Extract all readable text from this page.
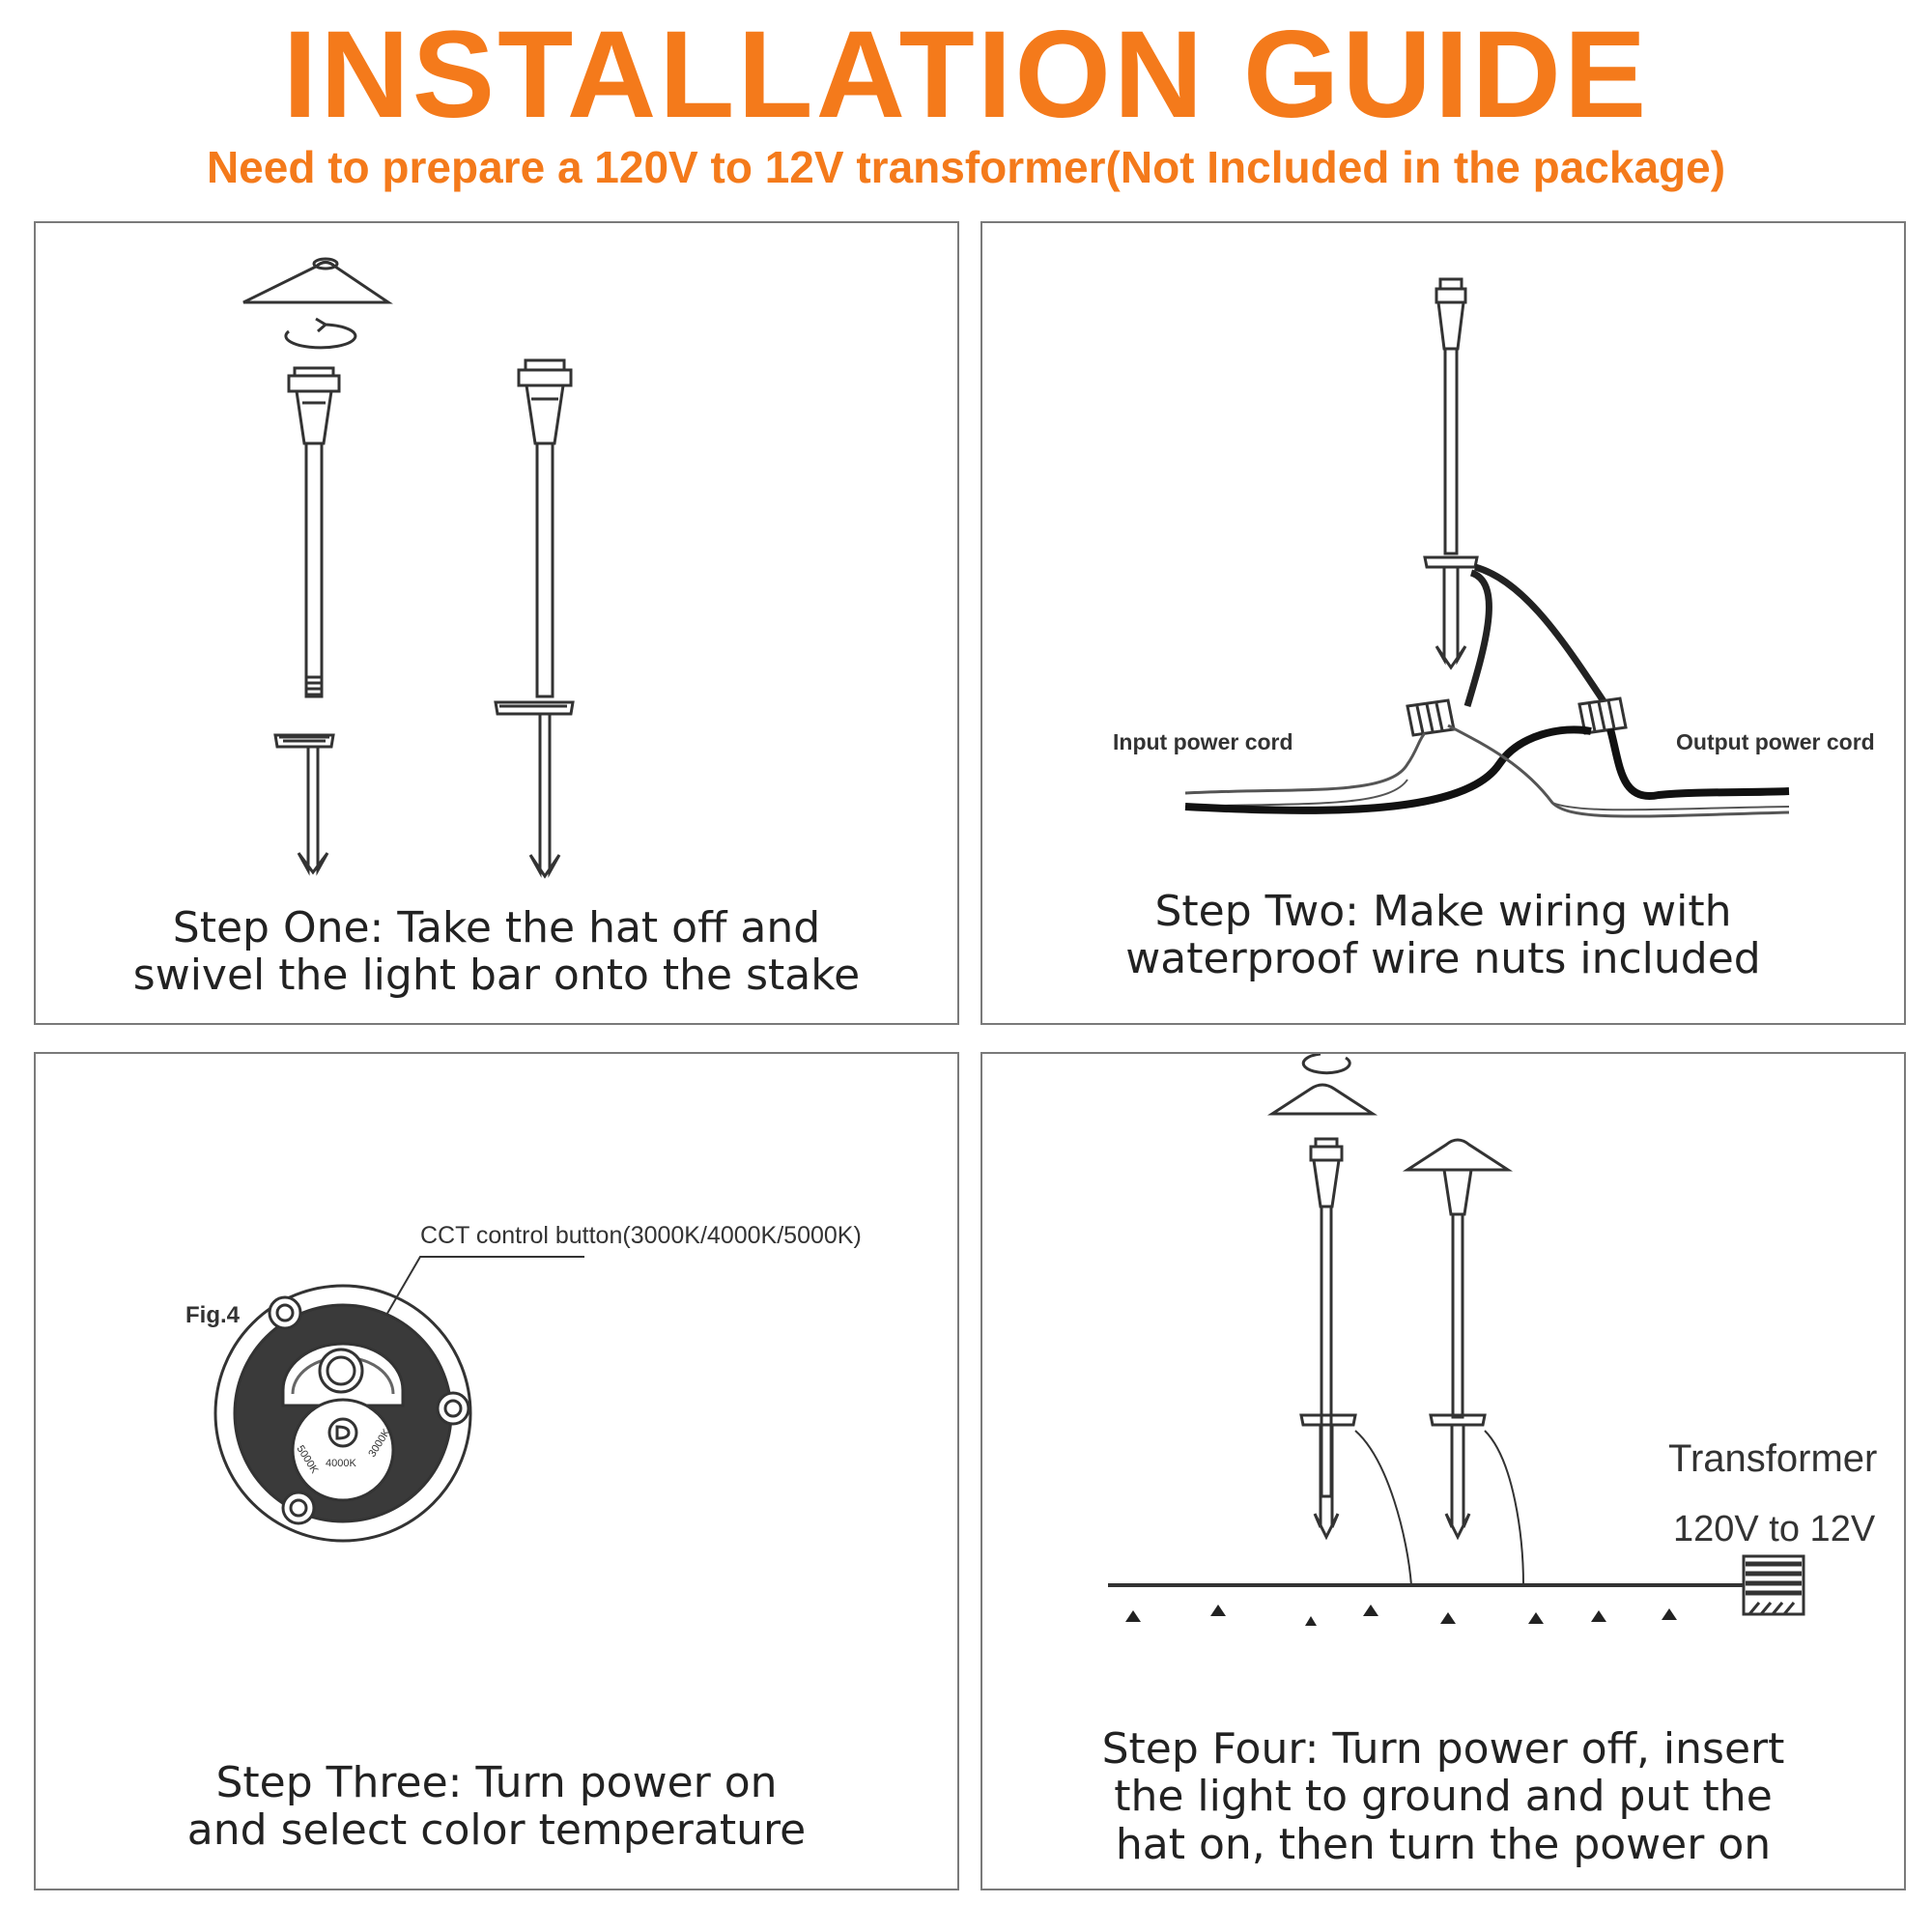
INSTALLATION GUIDE
Need to prepare a 120V to 12V transformer(Not Included in the package)
Step One: Take the hat off and
swivel the light bar onto the stake
Input power cord	Output power cord
Step Two: Make wiring with
waterproof wire nuts included
Fig.4
CCT control button(3000K/4000K/5000K)
5000K 4000K
3000K
Step Three: Turn power on
and select color temperature
Transformer
120V to 12V
Step Four: Turn power off, insert
the light to ground and put the
hat on, then turn the power on
